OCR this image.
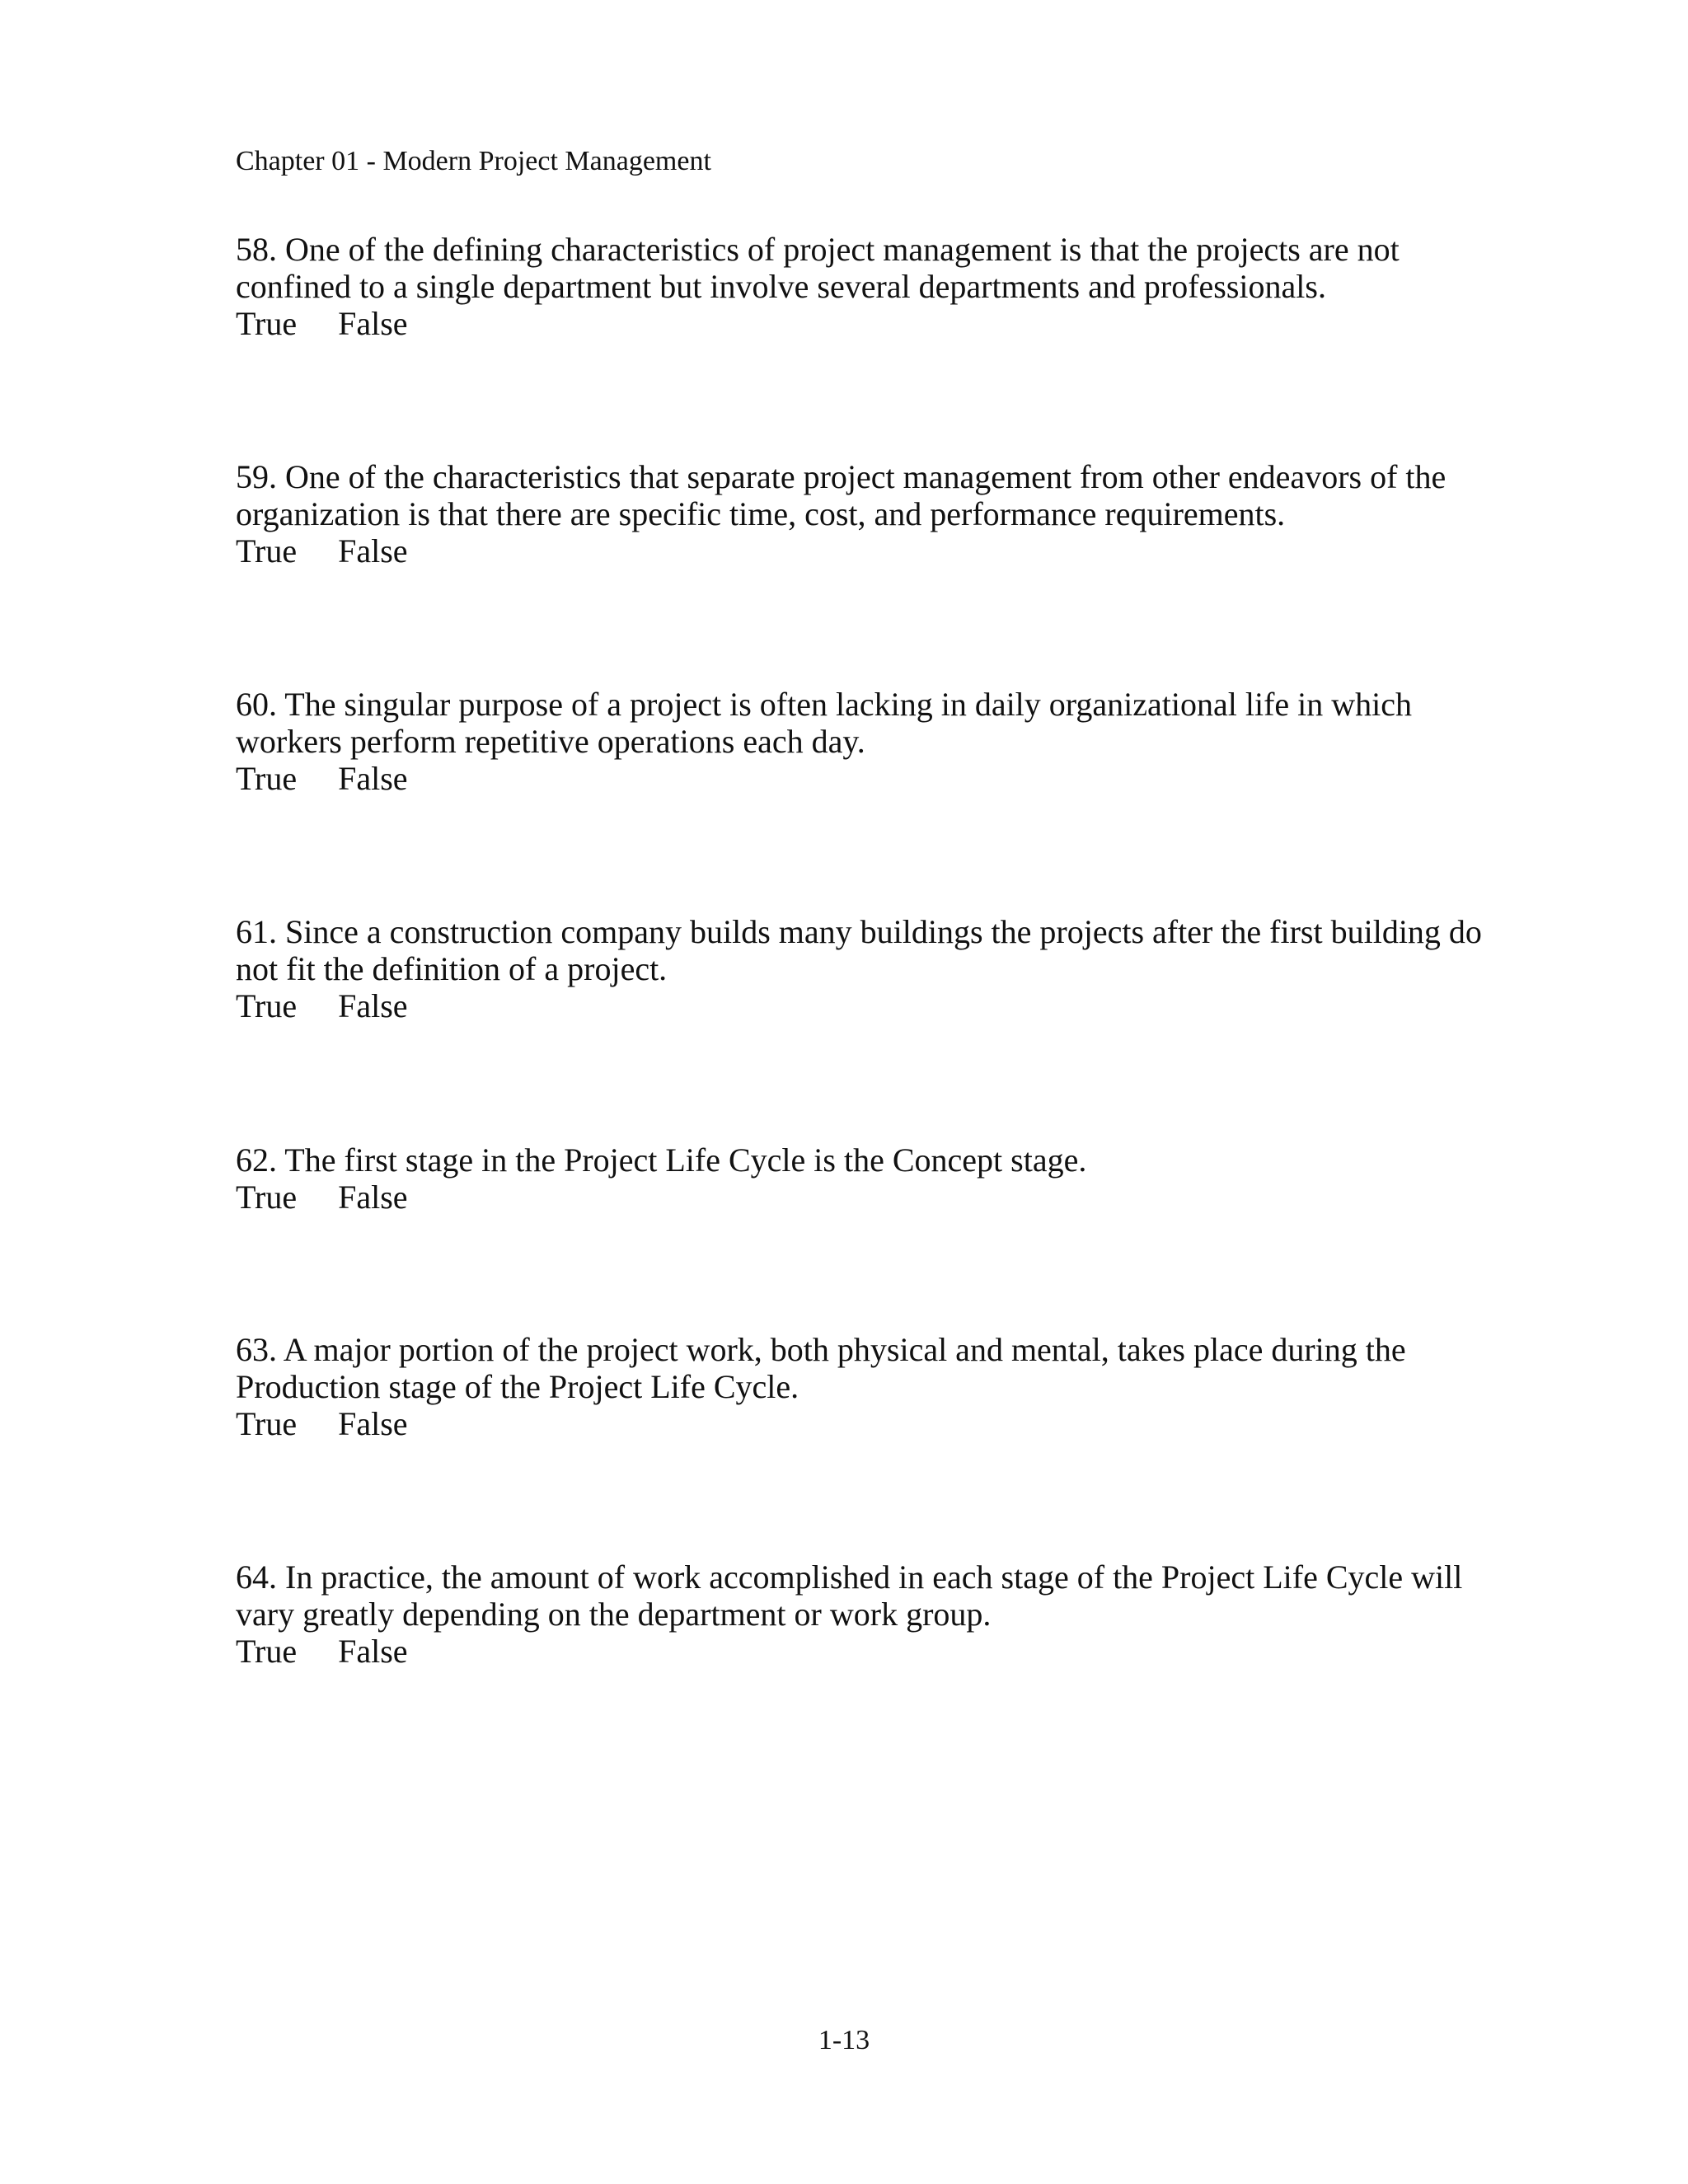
Chapter 01 - Modern Project Management

58. One of the defining characteristics of project management is that the projects are not confined to a single department but involve several departments and professionals.

True False

59. One of the characteristics that separate project management from other endeavors of the organization is that there are specific time, cost, and performance requirements.

True False

60. The singular purpose of a project is often lacking in daily organizational life in which workers perform repetitive operations each day.

True False

61. Since a construction company builds many buildings the projects after the first building do not fit the definition of a project.

True False

62. The first stage in the Project Life Cycle is the Concept stage.

True False

63. A major portion of the project work, both physical and mental, takes place during the Production stage of the Project Life Cycle.

True False

64. In practice, the amount of work accomplished in each stage of the Project Life Cycle will vary greatly depending on the department or work group.

True False
1-13
